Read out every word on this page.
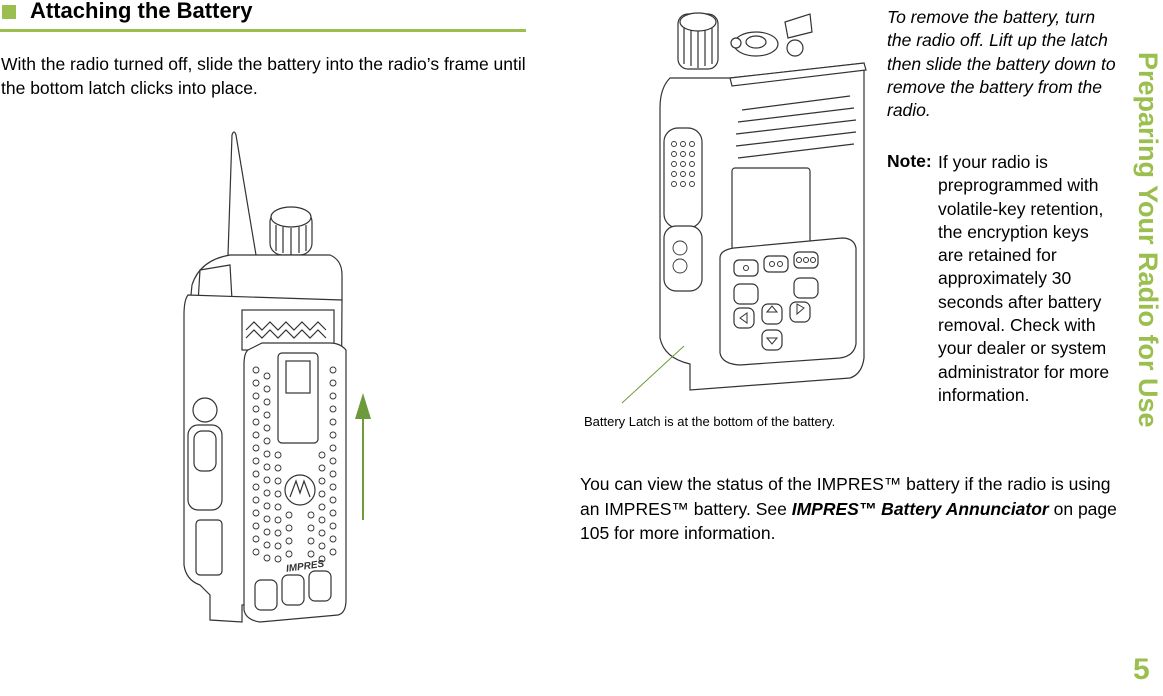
Attaching the Battery
With the radio turned off, slide the battery into the radio’s frame until the bottom latch clicks into place.
IMPRES
Battery Latch is at the bottom of the battery.
To remove the battery, turn the radio off. Lift up the latch then slide the battery down to remove the battery from the radio.
Note: If your radio is preprogrammed with volatile-key retention, the encryption keys are retained for approximately 30 seconds after battery removal. Check with your dealer or system administrator for more information.
You can view the status of the IMPRES™ battery if the radio is using an IMPRES™ battery. See IMPRES™ Battery Annunciator on page 105 for more information.
Preparing Your Radio for Use
5
